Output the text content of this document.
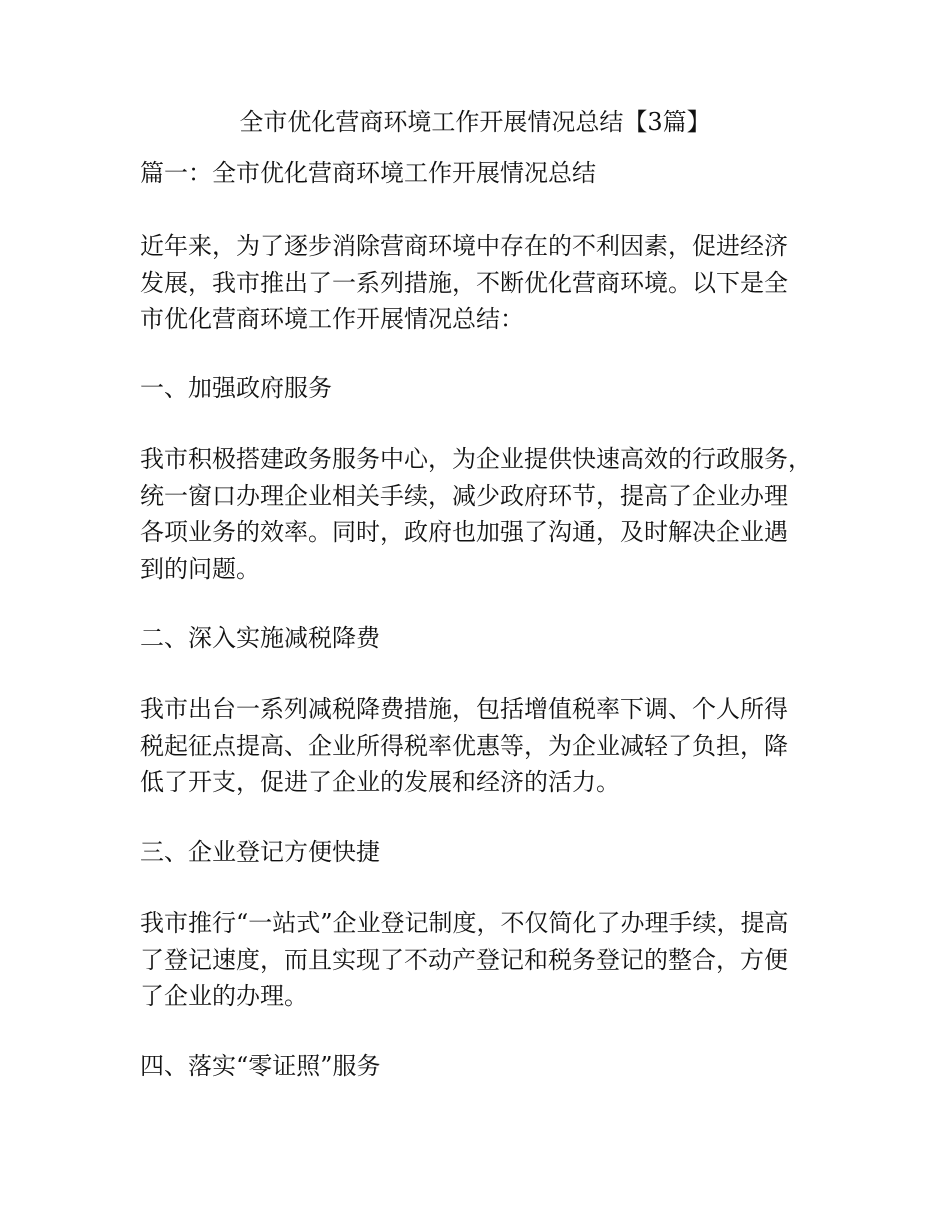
全市优化营商环境工作开展情况总结【3篇】

篇一：全市优化营商环境工作开展情况总结

近年来，为了逐步消除营商环境中存在的不利因素，促进经济
发展，我市推出了一系列措施，不断优化营商环境。以下是全
市优化营商环境工作开展情况总结：

一、加强政府服务

我市积极搭建政务服务中心，为企业提供快速高效的行政服务，
统一窗口办理企业相关手续，减少政府环节，提高了企业办理
各项业务的效率。同时，政府也加强了沟通，及时解决企业遇
到的问题。

二、深入实施减税降费

我市出台一系列减税降费措施，包括增值税率下调、个人所得
税起征点提高、企业所得税率优惠等，为企业减轻了负担，降
低了开支，促进了企业的发展和经济的活力。

三、企业登记方便快捷

我市推行“一站式”企业登记制度，不仅简化了办理手续，提高
了登记速度，而且实现了不动产登记和税务登记的整合，方便
了企业的办理。

四、落实“零证照”服务
